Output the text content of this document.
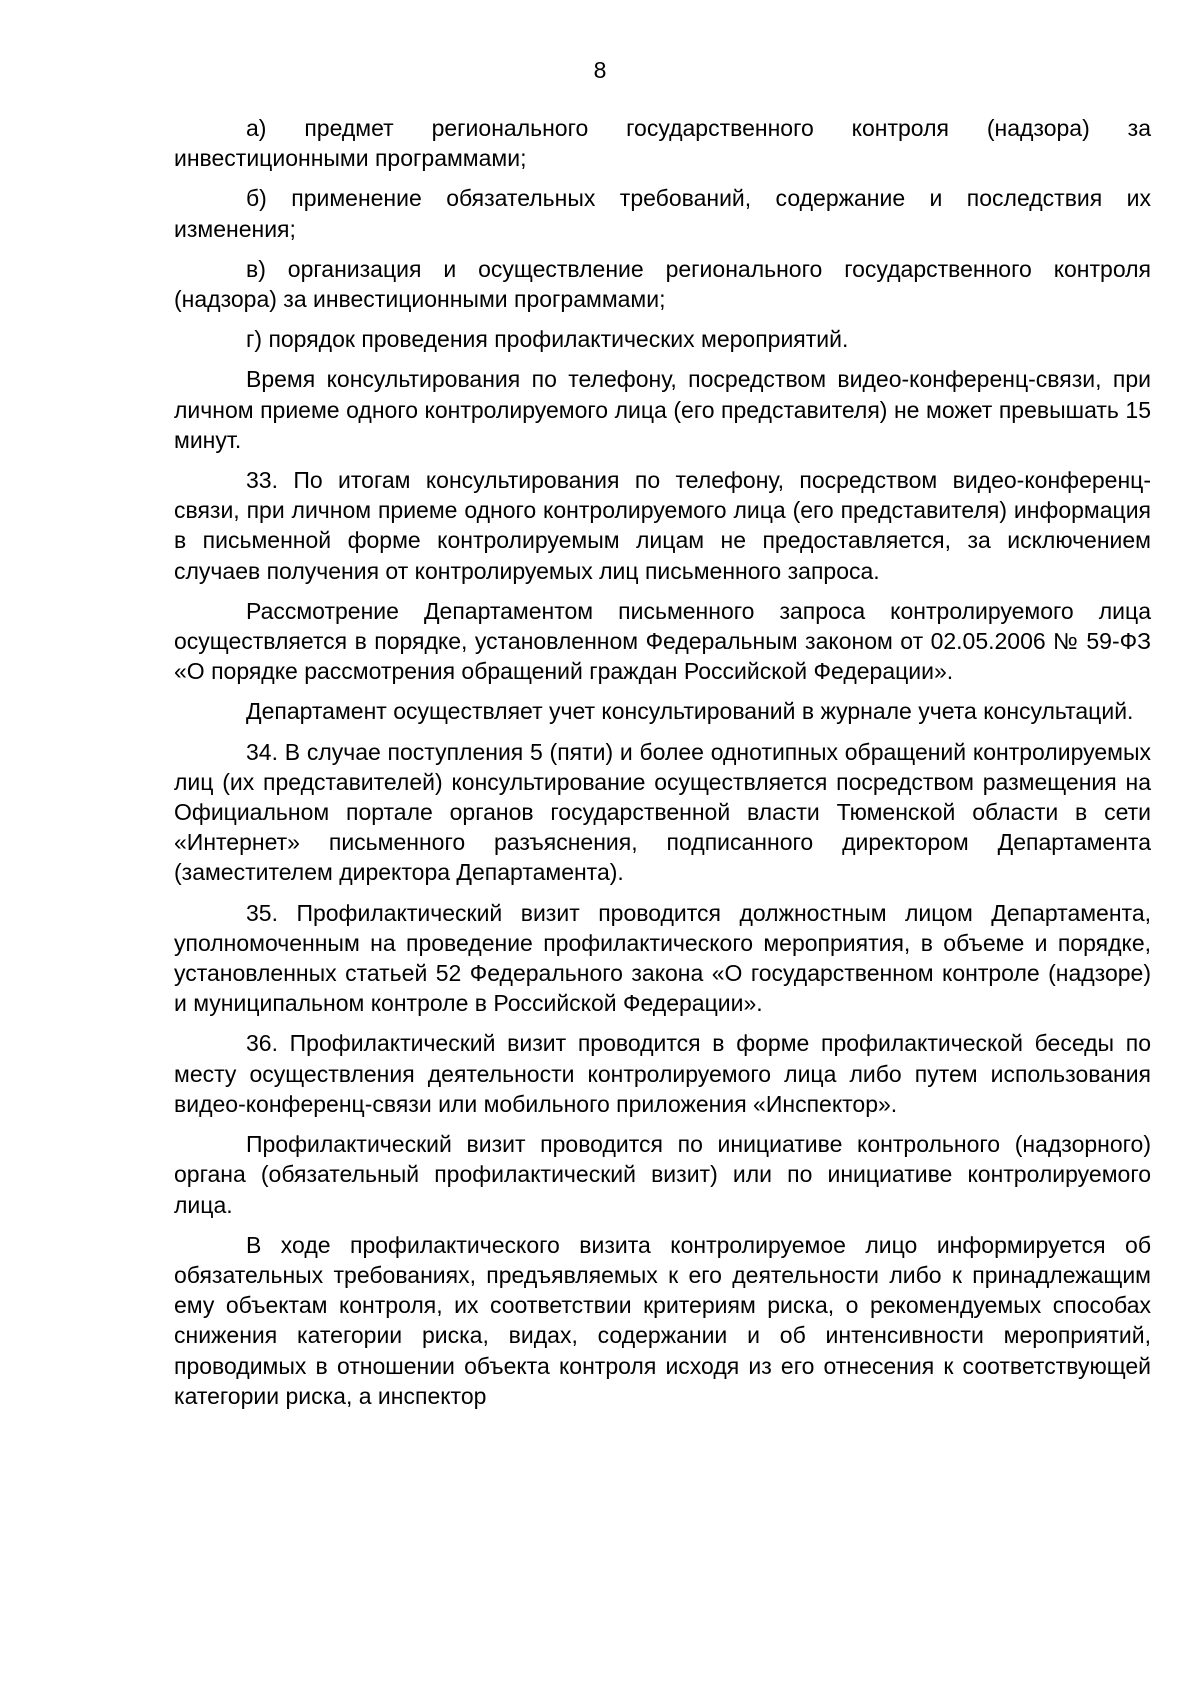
8

а) предмет регионального государственного контроля (надзора) за инвестиционными программами;

б) применение обязательных требований, содержание и последствия их изменения;

в) организация и осуществление регионального государственного контроля (надзора) за инвестиционными программами;

г) порядок проведения профилактических мероприятий.

Время консультирования по телефону, посредством видео-конференц-связи, при личном приеме одного контролируемого лица (его представителя) не может превышать 15 минут.

33. По итогам консультирования по телефону, посредством видео-конференц-связи, при личном приеме одного контролируемого лица (его представителя) информация в письменной форме контролируемым лицам не предоставляется, за исключением случаев получения от контролируемых лиц письменного запроса.

Рассмотрение Департаментом письменного запроса контролируемого лица осуществляется в порядке, установленном Федеральным законом от 02.05.2006 № 59-ФЗ «О порядке рассмотрения обращений граждан Российской Федерации».

Департамент осуществляет учет консультирований в журнале учета консультаций.

34. В случае поступления 5 (пяти) и более однотипных обращений контролируемых лиц (их представителей) консультирование осуществляется посредством размещения на Официальном портале органов государственной власти Тюменской области в сети «Интернет» письменного разъяснения, подписанного директором Департамента (заместителем директора Департамента).

35. Профилактический визит проводится должностным лицом Департамента, уполномоченным на проведение профилактического мероприятия, в объеме и порядке, установленных статьей 52 Федерального закона «О государственном контроле (надзоре) и муниципальном контроле в Российской Федерации».

36. Профилактический визит проводится в форме профилактической беседы по месту осуществления деятельности контролируемого лица либо путем использования видео-конференц-связи или мобильного приложения «Инспектор».

Профилактический визит проводится по инициативе контрольного (надзорного) органа (обязательный профилактический визит) или по инициативе контролируемого лица.

В ходе профилактического визита контролируемое лицо информируется об обязательных требованиях, предъявляемых к его деятельности либо к принадлежащим ему объектам контроля, их соответствии критериям риска, о рекомендуемых способах снижения категории риска, видах, содержании и об интенсивности мероприятий, проводимых в отношении объекта контроля исходя из его отнесения к соответствующей категории риска, а инспектор
